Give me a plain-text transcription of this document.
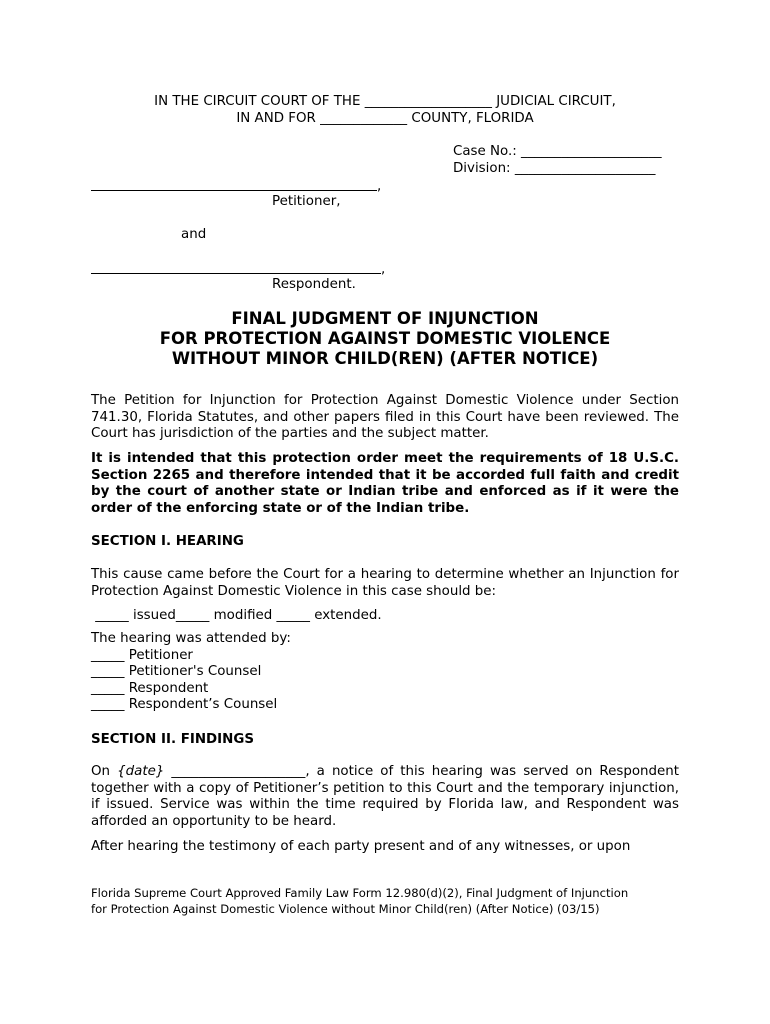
IN THE CIRCUIT COURT OF THE ___________________ JUDICIAL CIRCUIT,
IN AND FOR _____________ COUNTY, FLORIDA
Case No.: _____________________
Division: _____________________
,
Petitioner,
and
,
Respondent.
FINAL JUDGMENT OF INJUNCTION
FOR PROTECTION AGAINST DOMESTIC VIOLENCE
WITHOUT MINOR CHILD(REN) (AFTER NOTICE)
The Petition for Injunction for Protection Against Domestic Violence under Section 741.30, Florida Statutes, and other papers filed in this Court have been reviewed. The Court has jurisdiction of the parties and the subject matter.
It is intended that this protection order meet the requirements of 18 U.S.C. Section 2265 and therefore intended that it be accorded full faith and credit by the court of another state or Indian tribe and enforced as if it were the order of the enforcing state or of the Indian tribe.
SECTION I. HEARING
This cause came before the Court for a hearing to determine whether an Injunction for Protection Against Domestic Violence in this case should be:
_____ issued_____ modified _____ extended.
The hearing was attended by:
_____ Petitioner
_____ Petitioner's Counsel
_____ Respondent
_____ Respondent’s Counsel
SECTION II. FINDINGS
On {date} ____________________, a notice of this hearing was served on Respondent together with a copy of Petitioner’s petition to this Court and the temporary injunction, if issued. Service was within the time required by Florida law, and Respondent was afforded an opportunity to be heard.
After hearing the testimony of each party present and of any witnesses, or upon
Florida Supreme Court Approved Family Law Form 12.980(d)(2), Final Judgment of Injunction
for Protection Against Domestic Violence without Minor Child(ren) (After Notice) (03/15)
